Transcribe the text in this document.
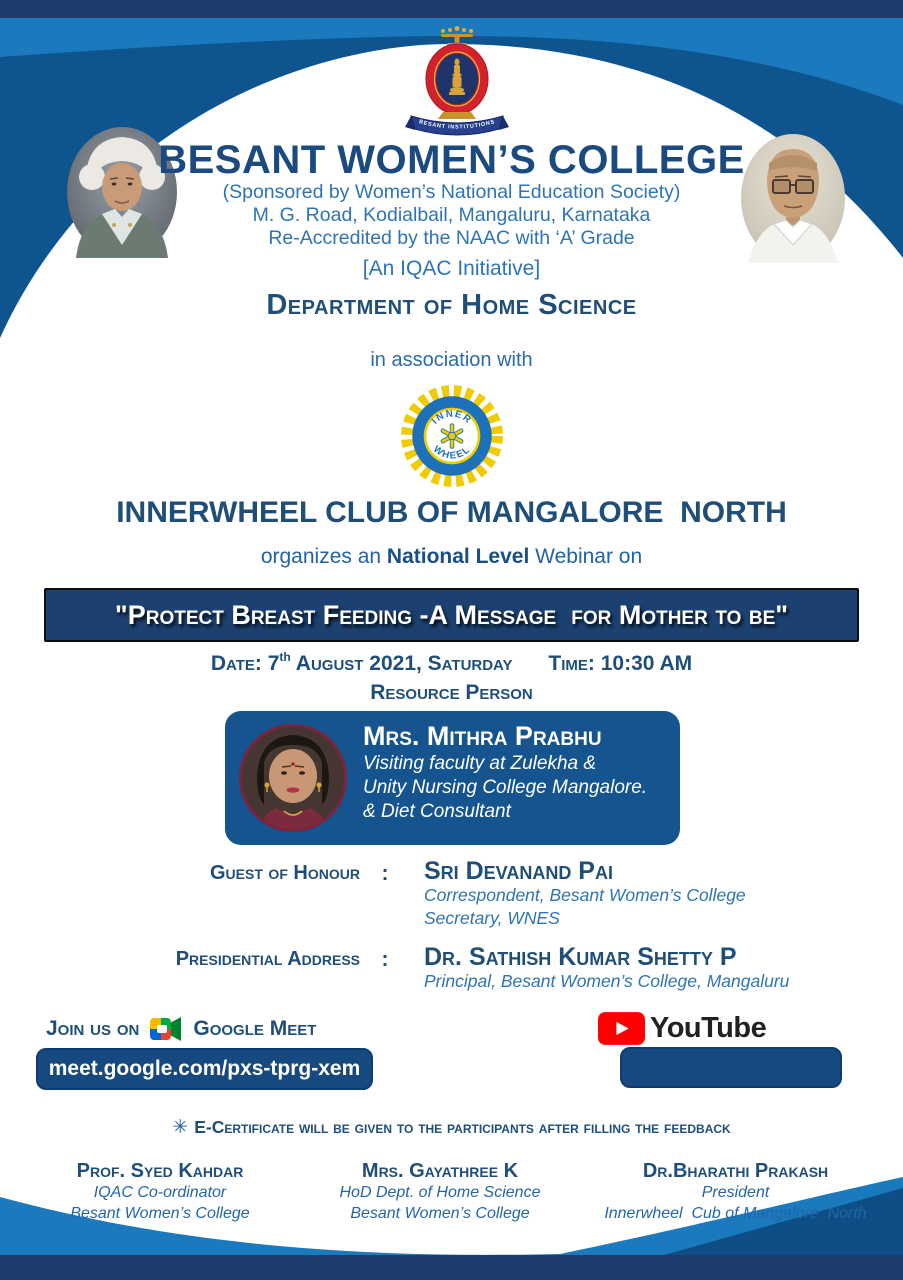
BESANT INSTITUTIONS
BESANT WOMEN’S COLLEGE
(Sponsored by Women’s National Education Society)
M. G. Road, Kodialbail, Mangaluru, Karnataka
Re-Accredited by the NAAC with ‘A’ Grade
[An IQAC Initiative]
Department of Home Science
in association with
INNER
WHEEL
INNERWHEEL CLUB OF MANGALORE  NORTH
organizes an National Level Webinar on
"Protect Breast Feeding -A Message  for Mother to be"
Date: 7th August 2021, Saturday Time: 10:30 AM
Resource Person
Mrs. Mithra Prabhu
Visiting faculty at Zulekha &
Unity Nursing College Mangalore.
& Diet Consultant
Guest of Honour	:	Sri Devanand Pai
Correspondent, Besant Women’s College
Secretary, WNES
Presidential Address	:	Dr. Sathish Kumar Shetty P
Principal, Besant Women’s College, Mangaluru
Join us on	Google Meet
meet.google.com/pxs-tprg-xem
YouTube
✳ E-Certificate will be given to the participants after filling the feedback
Prof. Syed Kahdar
IQAC Co-ordinator
Besant Women’s College
Mrs. Gayathree K
HoD Dept. of Home Science
Besant Women’s College
Dr.Bharathi Prakash
President
Innerwheel  Cub of Mangalore  North
